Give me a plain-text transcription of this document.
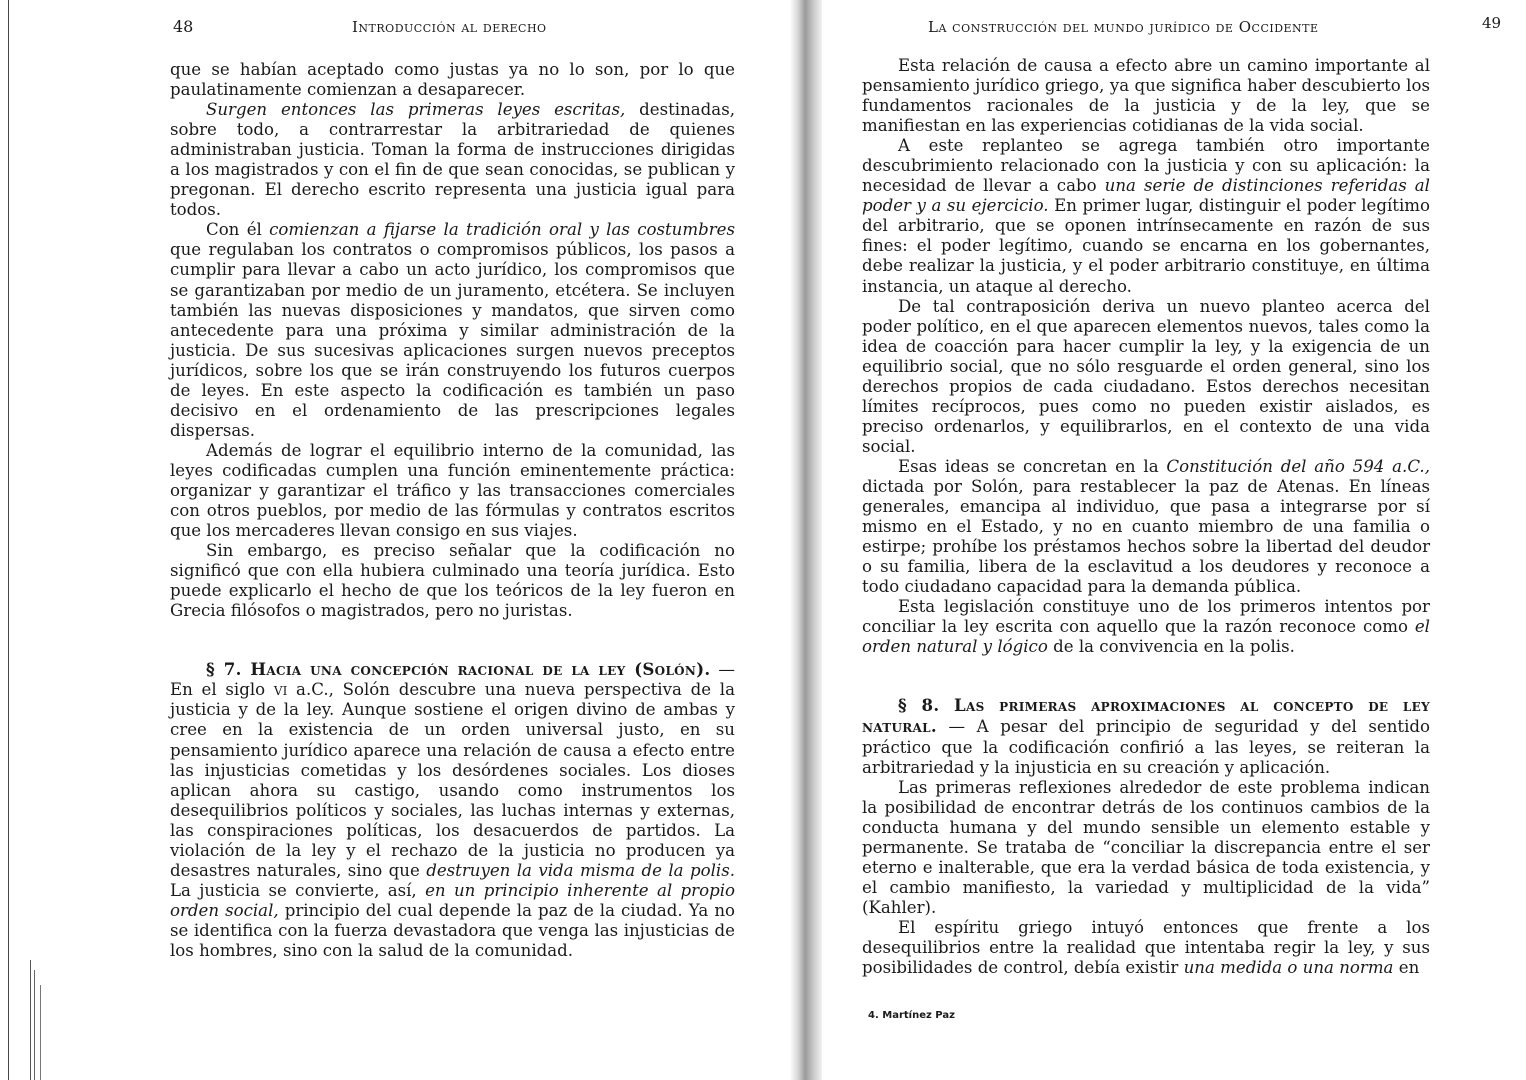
48	Introducción al derecho

que se habían aceptado como justas ya no lo son, por lo que paulatinamente comienzan a desaparecer.

Surgen entonces las primeras leyes escritas, destinadas, sobre todo, a contrarrestar la arbitrariedad de quienes administraban justicia. Toman la forma de instrucciones dirigidas a los magistrados y con el fin de que sean conocidas, se publican y pregonan. El derecho escrito representa una justicia igual para todos.

Con él comienzan a fijarse la tradición oral y las costumbres que regulaban los contratos o compromisos públicos, los pasos a cumplir para llevar a cabo un acto jurídico, los compromisos que se garantizaban por medio de un juramento, etcétera. Se incluyen también las nuevas disposiciones y mandatos, que sirven como antecedente para una próxima y similar administración de la justicia. De sus sucesivas aplicaciones surgen nuevos preceptos jurídicos, sobre los que se irán construyendo los futuros cuerpos de leyes. En este aspecto la codificación es también un paso decisivo en el ordenamiento de las prescripciones legales dispersas.

Además de lograr el equilibrio interno de la comunidad, las leyes codificadas cumplen una función eminentemente práctica: organizar y garantizar el tráfico y las transacciones comerciales con otros pueblos, por medio de las fórmulas y contratos escritos que los mercaderes llevan consigo en sus viajes.

Sin embargo, es preciso señalar que la codificación no significó que con ella hubiera culminado una teoría jurídica. Esto puede explicarlo el hecho de que los teóricos de la ley fueron en Grecia filósofos o magistrados, pero no juristas.

§ 7. Hacia una concepción racional de la ley (Solón). — En el siglo vi a.C., Solón descubre una nueva perspectiva de la justicia y de la ley. Aunque sostiene el origen divino de ambas y cree en la existencia de un orden universal justo, en su pensamiento jurídico aparece una relación de causa a efecto entre las injusticias cometidas y los desórdenes sociales. Los dioses aplican ahora su castigo, usando como instrumentos los desequilibrios políticos y sociales, las luchas internas y externas, las conspiraciones políticas, los desacuerdos de partidos. La violación de la ley y el rechazo de la justicia no producen ya desastres naturales, sino que destruyen la vida misma de la polis. La justicia se convierte, así, en un principio inherente al propio orden social, principio del cual depende la paz de la ciudad. Ya no se identifica con la fuerza devastadora que venga las injusticias de los hombres, sino con la salud de la comunidad.

La construcción del mundo jurídico de Occidente	49

Esta relación de causa a efecto abre un camino importante al pensamiento jurídico griego, ya que significa haber descubierto los fundamentos racionales de la justicia y de la ley, que se manifiestan en las experiencias cotidianas de la vida social.

A este replanteo se agrega también otro importante descubrimiento relacionado con la justicia y con su aplicación: la necesidad de llevar a cabo una serie de distinciones referidas al poder y a su ejercicio. En primer lugar, distinguir el poder legítimo del arbitrario, que se oponen intrínsecamente en razón de sus fines: el poder legítimo, cuando se encarna en los gobernantes, debe realizar la justicia, y el poder arbitrario constituye, en última instancia, un ataque al derecho.

De tal contraposición deriva un nuevo planteo acerca del poder político, en el que aparecen elementos nuevos, tales como la idea de coacción para hacer cumplir la ley, y la exigencia de un equilibrio social, que no sólo resguarde el orden general, sino los derechos propios de cada ciudadano. Estos derechos necesitan límites recíprocos, pues como no pueden existir aislados, es preciso ordenarlos, y equilibrarlos, en el contexto de una vida social.

Esas ideas se concretan en la Constitución del año 594 a.C., dictada por Solón, para restablecer la paz de Atenas. En líneas generales, emancipa al individuo, que pasa a integrarse por sí mismo en el Estado, y no en cuanto miembro de una familia o estirpe; prohíbe los préstamos hechos sobre la libertad del deudor o su familia, libera de la esclavitud a los deudores y reconoce a todo ciudadano capacidad para la demanda pública.

Esta legislación constituye uno de los primeros intentos por conciliar la ley escrita con aquello que la razón reconoce como el orden natural y lógico de la convivencia en la polis.

§ 8. Las primeras aproximaciones al concepto de ley natural. — A pesar del principio de seguridad y del sentido práctico que la codificación confirió a las leyes, se reiteran la arbitrariedad y la injusticia en su creación y aplicación.

Las primeras reflexiones alrededor de este problema indican la posibilidad de encontrar detrás de los continuos cambios de la conducta humana y del mundo sensible un elemento estable y permanente. Se trataba de “conciliar la discrepancia entre el ser eterno e inalterable, que era la verdad básica de toda existencia, y el cambio manifiesto, la variedad y multiplicidad de la vida” (Kahler).

El espíritu griego intuyó entonces que frente a los desequilibrios entre la realidad que intentaba regir la ley, y sus posibilidades de control, debía existir una medida o una norma en

4. Martínez Paz
